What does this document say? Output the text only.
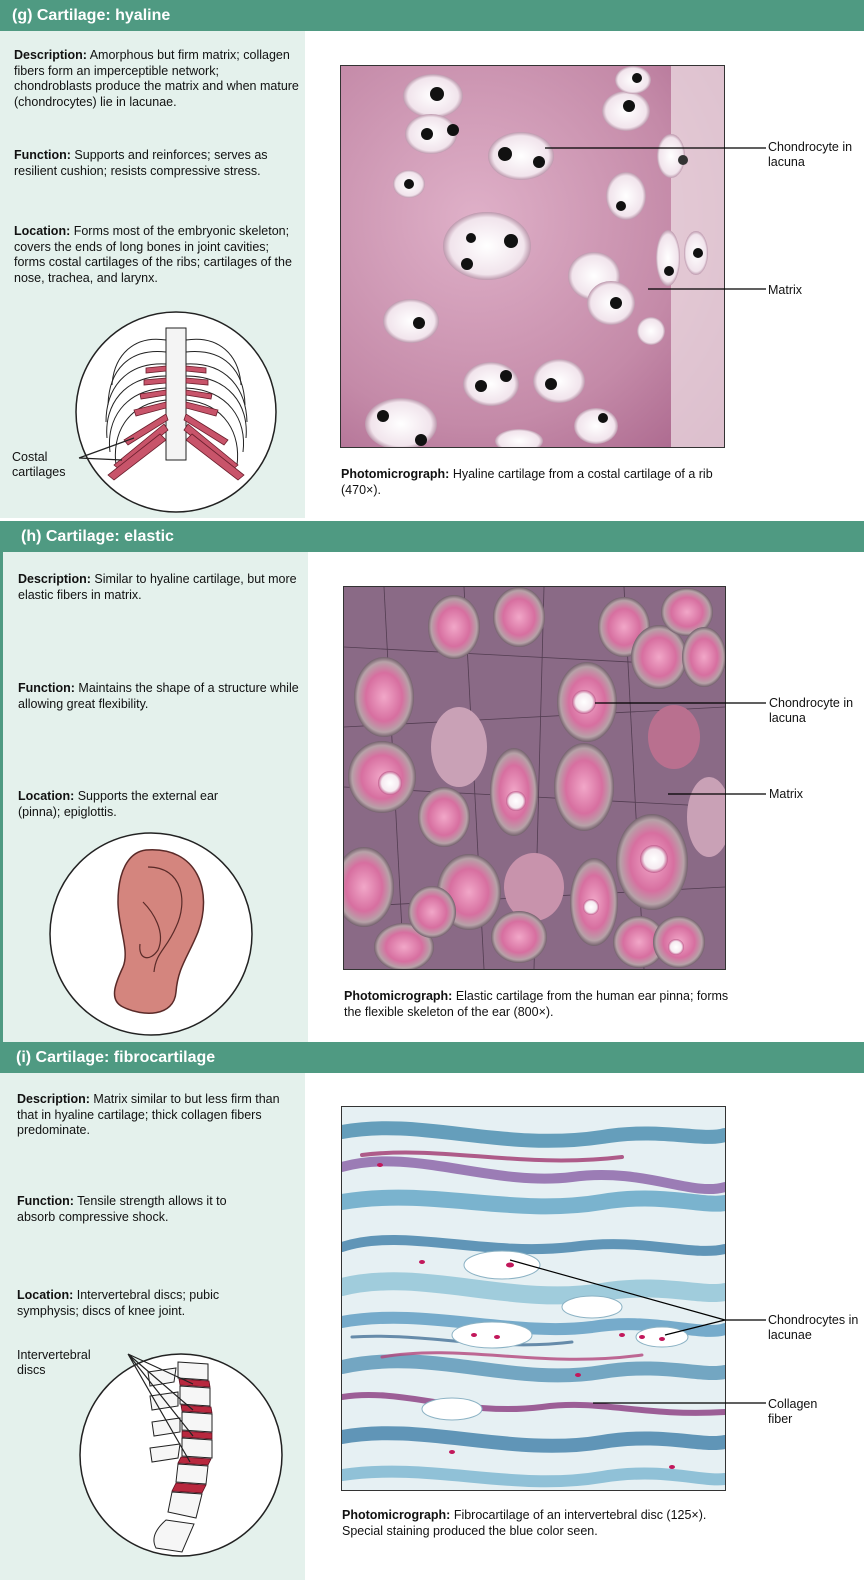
(g) Cartilage: hyaline
Description: Amorphous but firm matrix; collagen fibers form an imperceptible network; chondroblasts produce the matrix and when mature (chondrocytes) lie in lacunae.
Function: Supports and reinforces; serves as resilient cushion; resists compressive stress.
Location: Forms most of the embryonic skeleton; covers the ends of long bones in joint cavities; forms costal cartilages of the ribs; cartilages of the nose, trachea, and larynx.
Costal cartilages
Chondrocyte in lacuna
Matrix
Photomicrograph: Hyaline cartilage from a costal cartilage of a rib (470×).
(h) Cartilage: elastic
Description: Similar to hyaline cartilage, but more elastic fibers in matrix.
Function: Maintains the shape of a structure while allowing great flexibility.
Location: Supports the external ear (pinna); epiglottis.
Chondrocyte in lacuna
Matrix
Photomicrograph: Elastic cartilage from the human ear pinna; forms the flexible skeleton of the ear (800×).
(i) Cartilage: fibrocartilage
Description: Matrix similar to but less firm than that in hyaline cartilage; thick collagen fibers predominate.
Function: Tensile strength allows it to absorb compressive shock.
Location: Intervertebral discs; pubic symphysis; discs of knee joint.
Intervertebral discs
Chondrocytes in lacunae
Collagen fiber
Photomicrograph: Fibrocartilage of an intervertebral disc (125×). Special staining produced the blue color seen.
